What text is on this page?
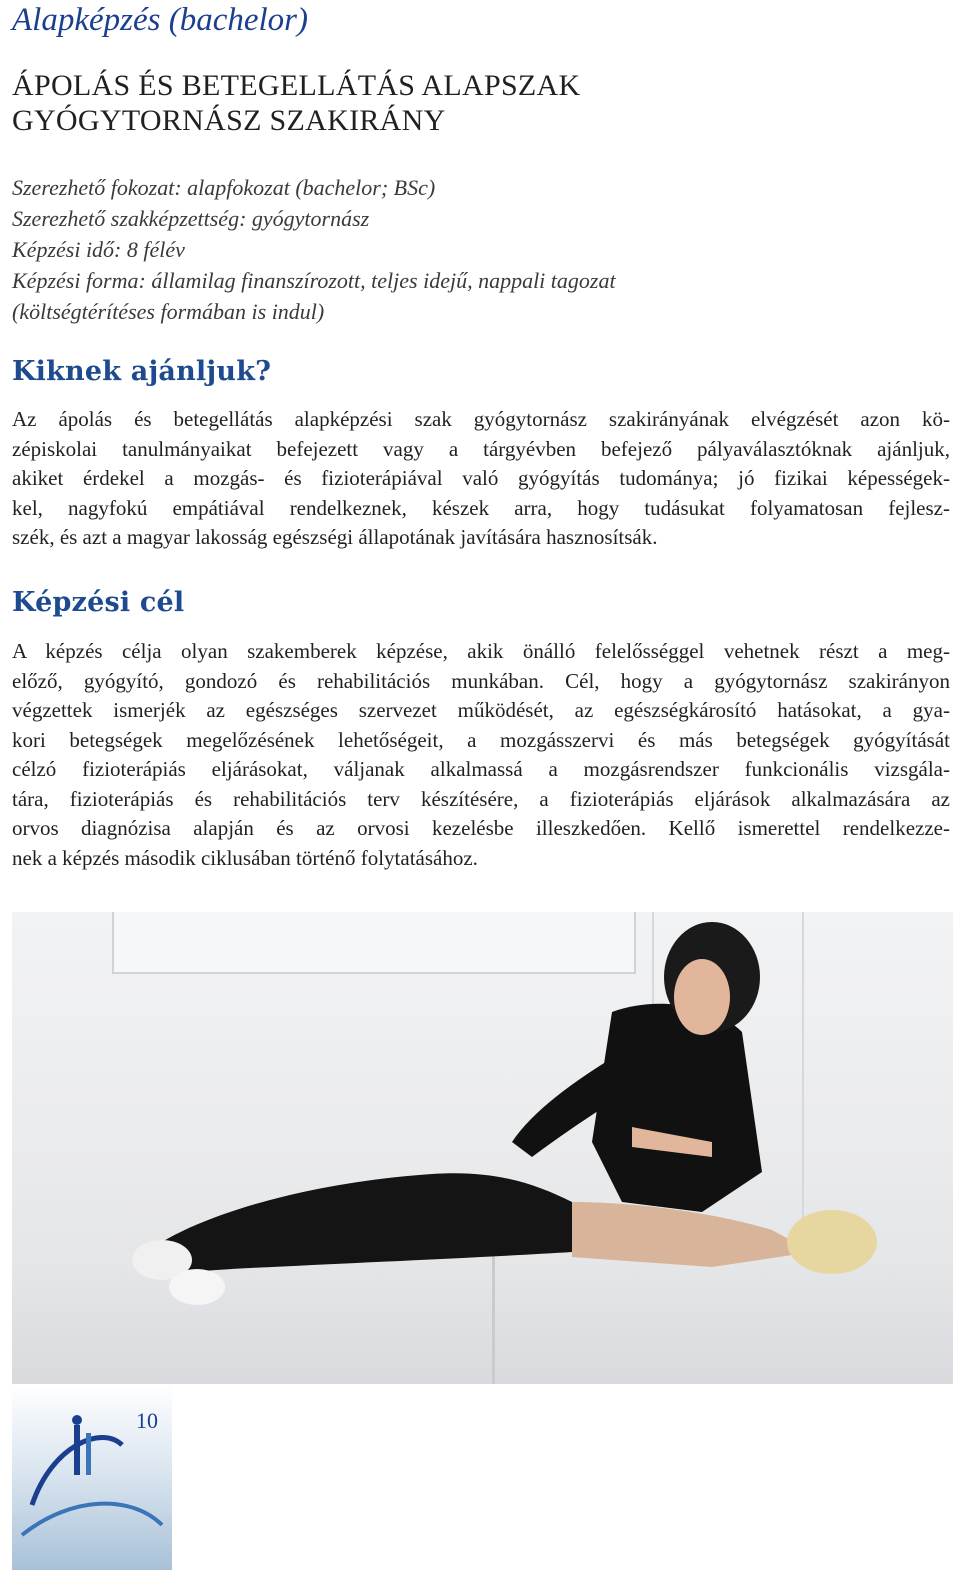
Alapképzés (bachelor)
ÁPOLÁS ÉS BETEGELLÁTÁS ALAPSZAK
GYÓGYTORNÁSZ SZAKIRÁNY
Szerezhető fokozat: alapfokozat (bachelor; BSc)
Szerezhető szakképzettség: gyógytornász
Képzési idő: 8 félév
Képzési forma: államilag finanszírozott, teljes idejű, nappali tagozat
(költségtérítéses formában is indul)
Kiknek ajánljuk?
Az ápolás és betegellátás alapképzési szak gyógytornász szakirányának elvégzését azon kö-
zépiskolai tanulmányaikat befejezett vagy a tárgyévben befejező pályaválasztóknak ajánljuk,
akiket érdekel a mozgás- és fizioterápiával való gyógyítás tudománya; jó fizikai képességek-
kel, nagyfokú empátiával rendelkeznek, készek arra, hogy tudásukat folyamatosan fejlesz-
szék, és azt a magyar lakosság egészségi állapotának javítására hasznosítsák.
Képzési cél
A képzés célja olyan szakemberek képzése, akik önálló felelősséggel vehetnek részt a meg-
előző, gyógyító, gondozó és rehabilitációs munkában. Cél, hogy a gyógytornász szakirányon
végzettek ismerjék az egészséges szervezet működését, az egészségkárosító hatásokat, a gya-
kori betegségek megelőzésének lehetőségeit, a mozgásszervi és más betegségek gyógyítását
célzó fizioterápiás eljárásokat, váljanak alkalmassá a mozgásrendszer funkcionális vizsgála-
tára, fizioterápiás és rehabilitációs terv készítésére, a fizioterápiás eljárások alkalmazására az
orvos diagnózisa alapján és az orvosi kezelésbe illeszkedően. Kellő ismerettel rendelkezze-
nek a képzés második ciklusában történő folytatásához.
10
